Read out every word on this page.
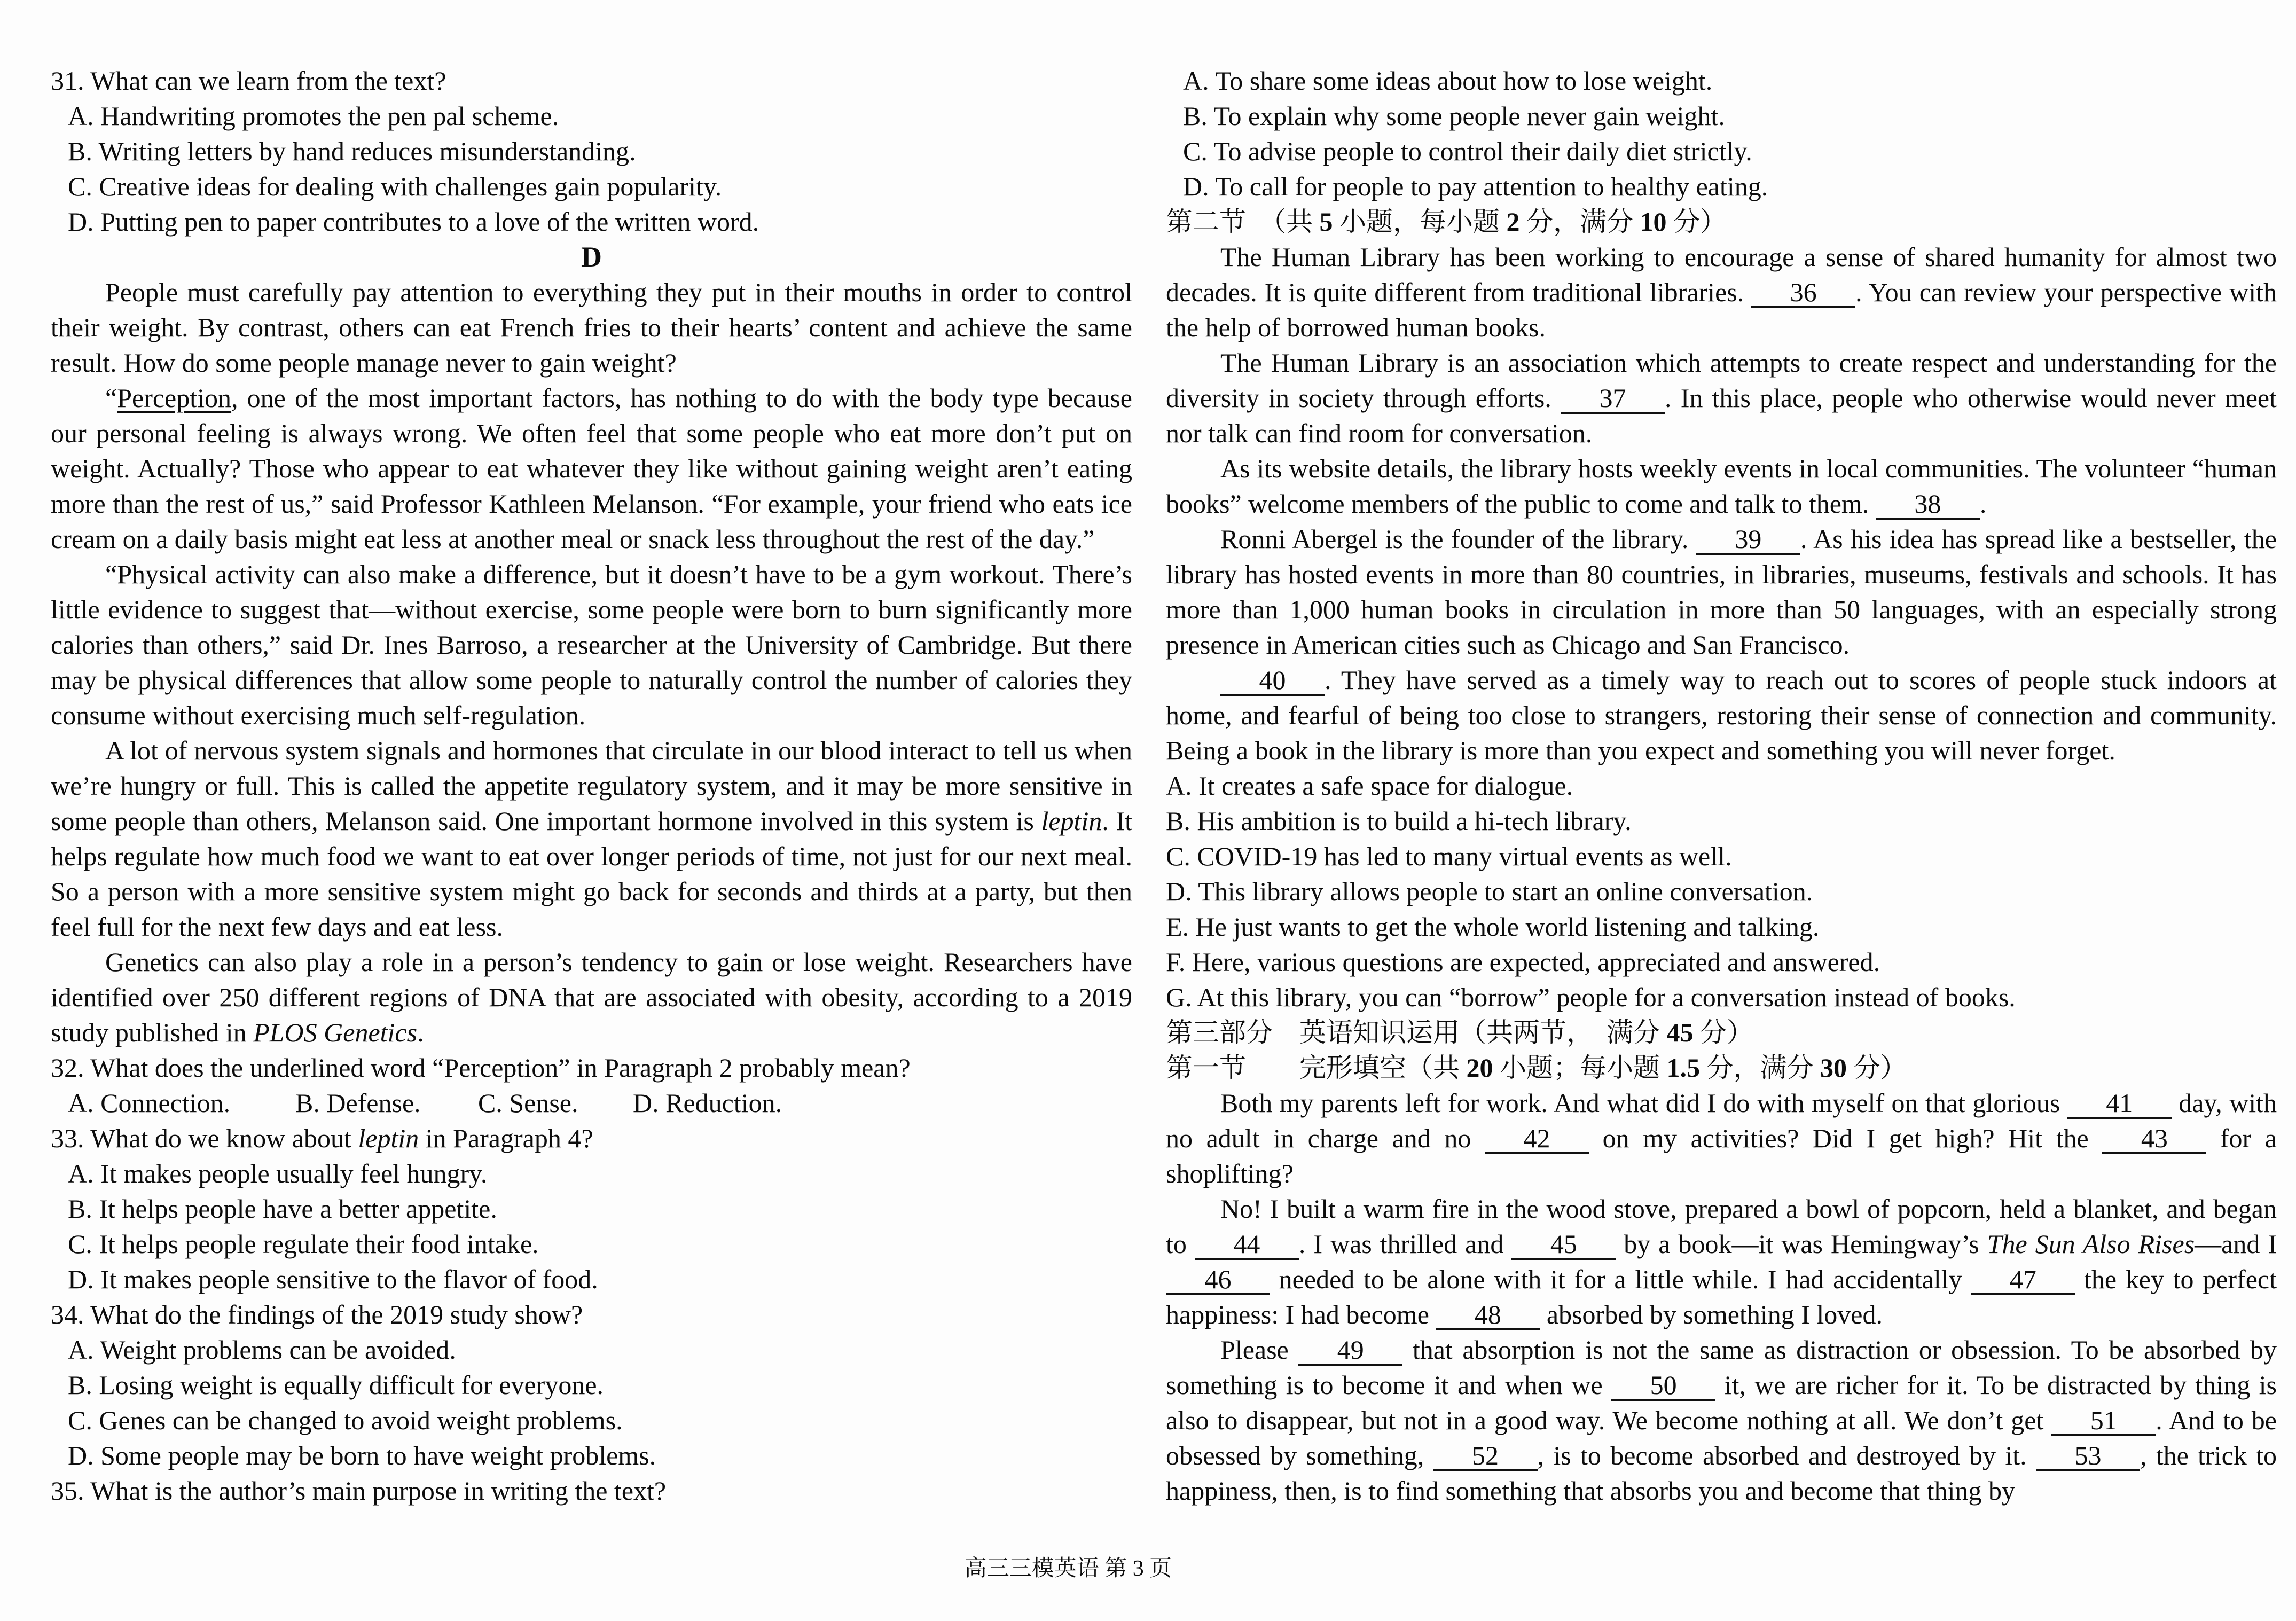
31. What can we learn from the text?
A. Handwriting promotes the pen pal scheme.
B. Writing letters by hand reduces misunderstanding.
C. Creative ideas for dealing with challenges gain popularity.
D. Putting pen to paper contributes to a love of the written word.
D
People must carefully pay attention to everything they put in their mouths in order to control their weight. By contrast, others can eat French fries to their hearts’ content and achieve the same result. How do some people manage never to gain weight?
“Perception, one of the most important factors, has nothing to do with the body type because our personal feeling is always wrong. We often feel that some people who eat more don’t put on weight. Actually? Those who appear to eat whatever they like without gaining weight aren’t eating more than the rest of us,” said Professor Kathleen Melanson. “For example, your friend who eats ice cream on a daily basis might eat less at another meal or snack less throughout the rest of the day.”
“Physical activity can also make a difference, but it doesn’t have to be a gym workout. There’s little evidence to suggest that—without exercise, some people were born to burn significantly more calories than others,” said Dr. Ines Barroso, a researcher at the University of Cambridge. But there may be physical differences that allow some people to naturally control the number of calories they consume without exercising much self-regulation.
A lot of nervous system signals and hormones that circulate in our blood interact to tell us when we’re hungry or full. This is called the appetite regulatory system, and it may be more sensitive in some people than others, Melanson said. One important hormone involved in this system is leptin. It helps regulate how much food we want to eat over longer periods of time, not just for our next meal. So a person with a more sensitive system might go back for seconds and thirds at a party, but then feel full for the next few days and eat less.
Genetics can also play a role in a person’s tendency to gain or lose weight. Researchers have identified over 250 different regions of DNA that are associated with obesity, according to a 2019 study published in PLOS Genetics.
32. What does the underlined word “Perception” in Paragraph 2 probably mean?
A. Connection. B. Defense. C. Sense. D. Reduction.
33. What do we know about leptin in Paragraph 4?
A. It makes people usually feel hungry.
B. It helps people have a better appetite.
C. It helps people regulate their food intake.
D. It makes people sensitive to the flavor of food.
34. What do the findings of the 2019 study show?
A. Weight problems can be avoided.
B. Losing weight is equally difficult for everyone.
C. Genes can be changed to avoid weight problems.
D. Some people may be born to have weight problems.
35. What is the author’s main purpose in writing the text?
A. To share some ideas about how to lose weight.
B. To explain why some people never gain weight.
C. To advise people to control their daily diet strictly.
D. To call for people to pay attention to healthy eating.
第二节　（共 5 小题，每小题 2 分，满分 10 分）
The Human Library has been working to encourage a sense of shared humanity for almost two decades. It is quite different from traditional libraries. 36 . You can review your perspective with the help of borrowed human books.
The Human Library is an association which attempts to create respect and understanding for the diversity in society through efforts. 37 . In this place, people who otherwise would never meet nor talk can find room for conversation.
As its website details, the library hosts weekly events in local communities. The volunteer “human books” welcome members of the public to come and talk to them. 38 .
Ronni Abergel is the founder of the library. 39 . As his idea has spread like a bestseller, the library has hosted events in more than 80 countries, in libraries, museums, festivals and schools. It has more than 1,000 human books in circulation in more than 50 languages, with an especially strong presence in American cities such as Chicago and San Francisco.
40 . They have served as a timely way to reach out to scores of people stuck indoors at home, and fearful of being too close to strangers, restoring their sense of connection and community. Being a book in the library is more than you expect and something you will never forget.
A. It creates a safe space for dialogue.
B. His ambition is to build a hi-tech library.
C. COVID-19 has led to many virtual events as well.
D. This library allows people to start an online conversation.
E. He just wants to get the whole world listening and talking.
F. Here, various questions are expected, appreciated and answered.
G. At this library, you can “borrow” people for a conversation instead of books.
第三部分　英语知识运用（共两节，　满分 45 分）
第一节　　完形填空（共 20 小题；每小题 1.5 分，满分 30 分）
Both my parents left for work. And what did I do with myself on that glorious 41 day, with no adult in charge and no 42 on my activities? Did I get high? Hit the 43 for a shoplifting?
No! I built a warm fire in the wood stove, prepared a bowl of popcorn, held a blanket, and began to 44 . I was thrilled and 45 by a book—it was Hemingway’s The Sun Also Rises—and I 46 needed to be alone with it for a little while. I had accidentally 47 the key to perfect happiness: I had become 48 absorbed by something I loved.
Please 49 that absorption is not the same as distraction or obsession. To be absorbed by something is to become it and when we 50 it, we are richer for it. To be distracted by thing is also to disappear, but not in a good way. We become nothing at all. We don’t get 51 . And to be obsessed by something, 52 , is to become absorbed and destroyed by it. 53 , the trick to happiness, then, is to find something that absorbs you and become that thing by
高三三模英语 第 3 页
